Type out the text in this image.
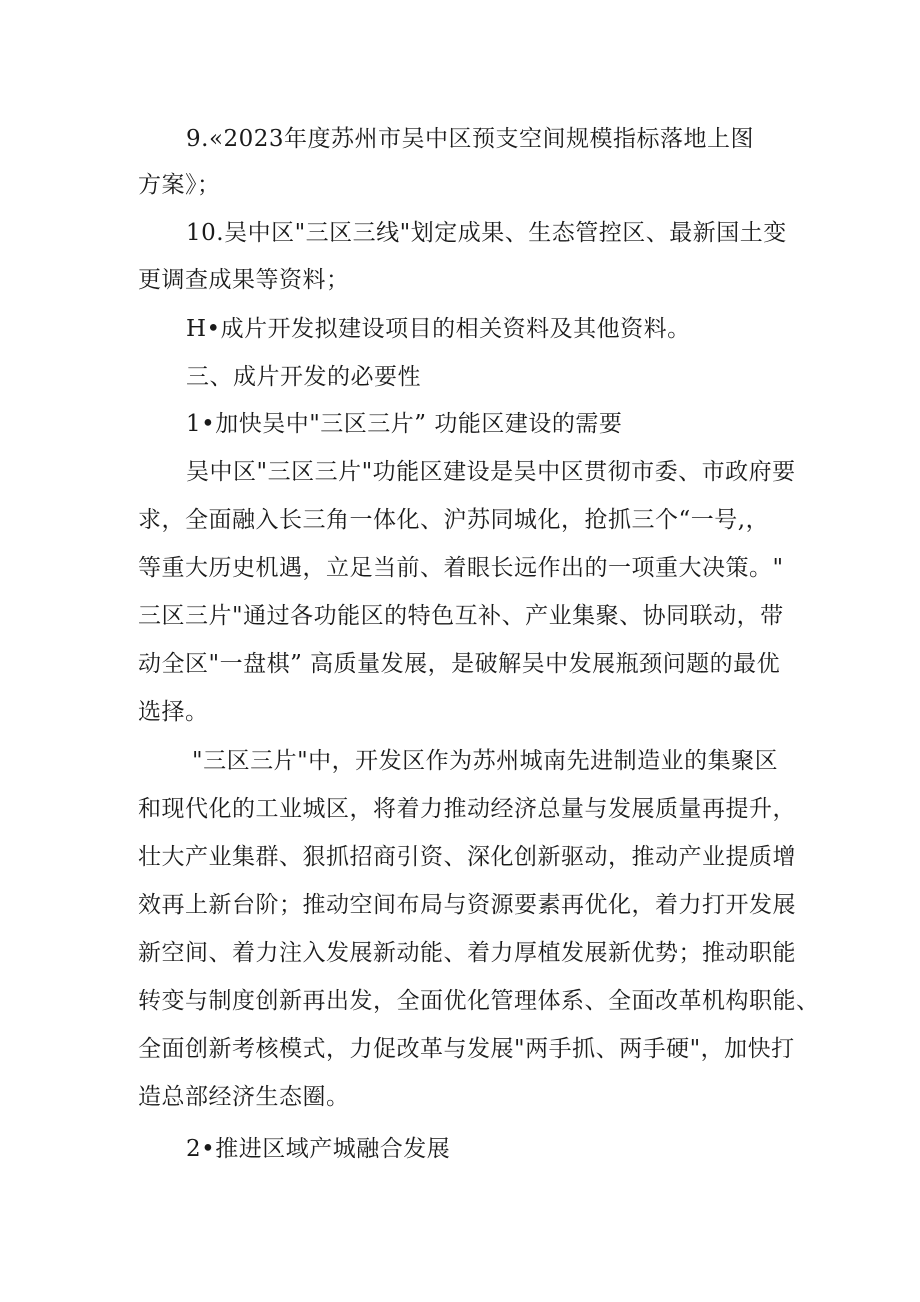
9.«2023年度苏州市吴中区预支空间规模指标落地上图
方案》；
10.吴中区"三区三线"划定成果、生态管控区、最新国土变
更调查成果等资料；
H•成片开发拟建设项目的相关资料及其他资料。
三、成片开发的必要性
1•加快吴中"三区三片” 功能区建设的需要
吴中区"三区三片"功能区建设是吴中区贯彻市委、市政府要
求，全面融入长三角一体化、沪苏同城化，抢抓三个“一号,，
等重大历史机遇，立足当前、着眼长远作出的一项重大决策。"
三区三片"通过各功能区的特色互补、产业集聚、协同联动，带
动全区"一盘棋” 高质量发展，是破解吴中发展瓶颈问题的最优
选择。
"三区三片"中，开发区作为苏州城南先进制造业的集聚区
和现代化的工业城区，将着力推动经济总量与发展质量再提升，
壮大产业集群、狠抓招商引资、深化创新驱动，推动产业提质增
效再上新台阶；推动空间布局与资源要素再优化，着力打开发展
新空间、着力注入发展新动能、着力厚植发展新优势；推动职能
转变与制度创新再出发，全面优化管理体系、全面改革机构职能、
全面创新考核模式，力促改革与发展"两手抓、两手硬"，加快打
造总部经济生态圈。
2•推进区域产城融合发展
